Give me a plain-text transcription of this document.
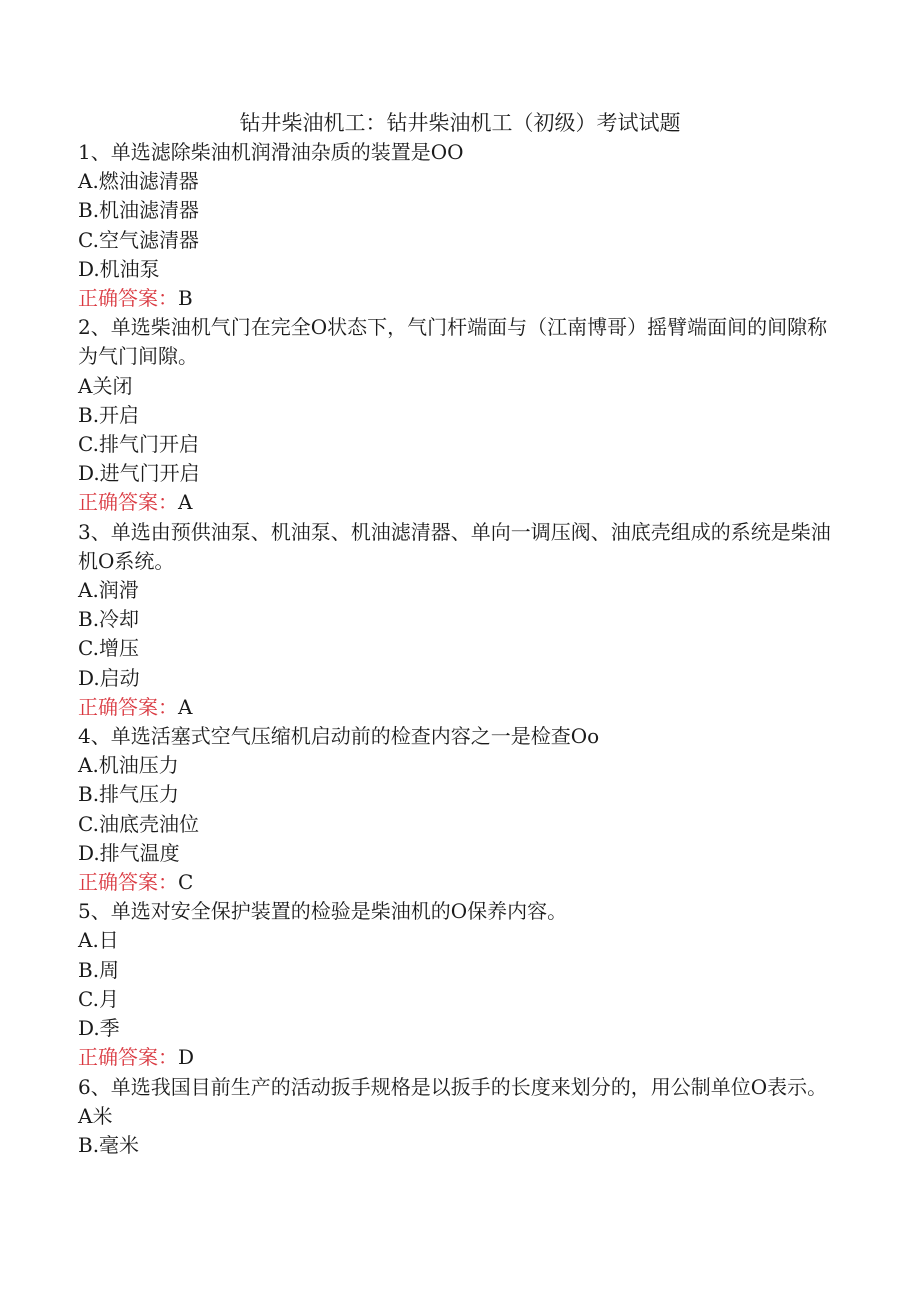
钻井柴油机工：钻井柴油机工（初级）考试试题
1、单选滤除柴油机润滑油杂质的装置是OO
A.燃油滤清器
B.机油滤清器
C.空气滤清器
D.机油泵
正确答案：B
2、单选柴油机气门在完全O状态下，气门杆端面与（江南博哥）摇臂端面间的间隙称为气门间隙。
A关闭
B.开启
C.排气门开启
D.进气门开启
正确答案：A
3、单选由预供油泵、机油泵、机油滤清器、单向一调压阀、油底壳组成的系统是柴油机O系统。
A.润滑
B.冷却
C.增压
D.启动
正确答案：A
4、单选活塞式空气压缩机启动前的检查内容之一是检查Oo
A.机油压力
B.排气压力
C.油底壳油位
D.排气温度
正确答案：C
5、单选对安全保护装置的检验是柴油机的O保养内容。
A.日
B.周
C.月
D.季
正确答案：D
6、单选我国目前生产的活动扳手规格是以扳手的长度来划分的，用公制单位O表示。
A米
B.毫米
